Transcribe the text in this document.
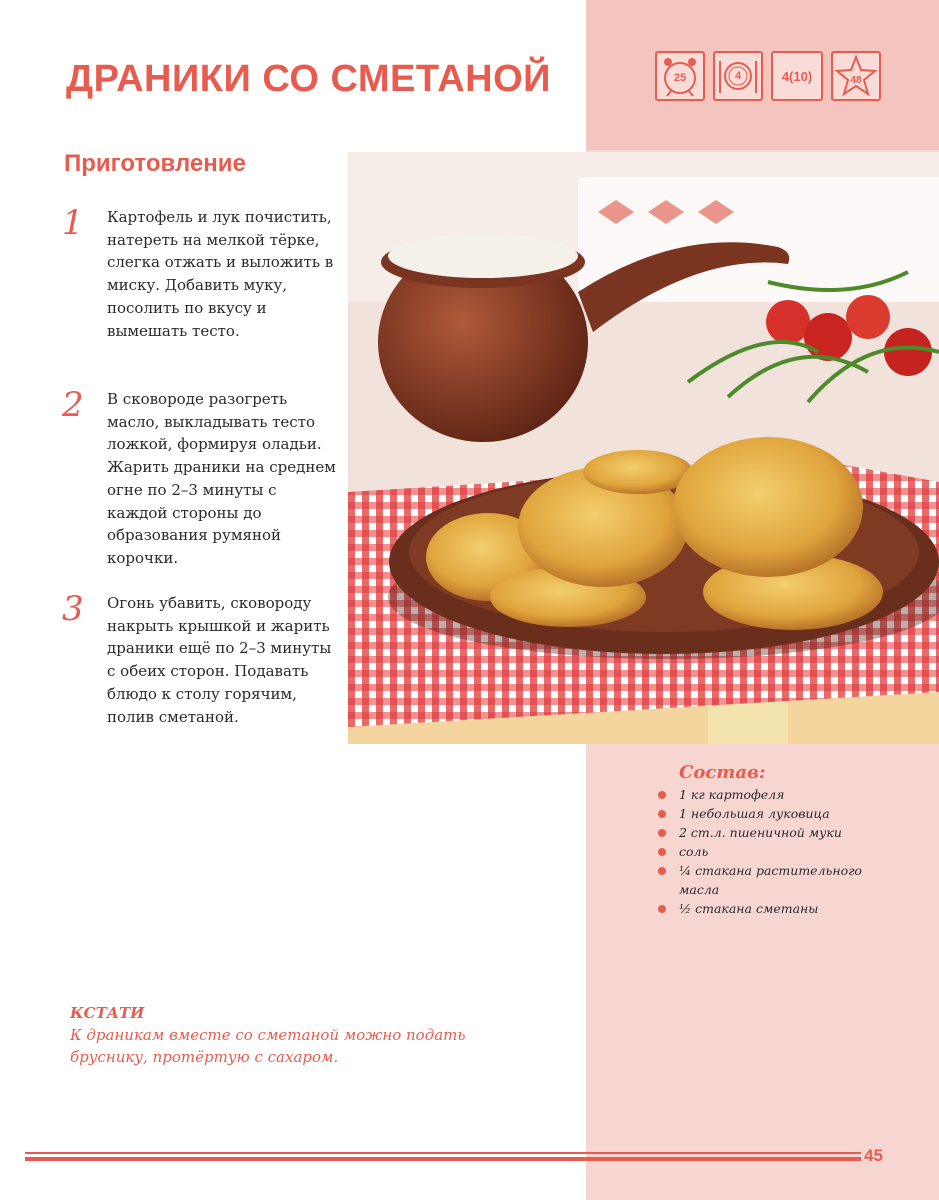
ДРАНИКИ СО СМЕТАНОЙ	25	4	4(10)	48
Приготовление
1	Картофель и лук почистить, натереть на мелкой тёрке, слегка отжать и выложить в миску. Добавить муку, посолить по вкусу и вымешать тесто.

2	В сковороде разогреть масло, выкладывать тесто ложкой, формируя оладьи. Жарить драники на среднем огне по 2–3 минуты с каждой стороны до образования румяной корочки.

3	Огонь убавить, сковороду накрыть крышкой и жарить драники ещё по 2–3 минуты с обеих сторон. Подавать блюдо к столу горячим, полив сметаной.

Состав:

1 кг картофеля
1 небольшая луковица
2 ст.л. пшеничной муки
соль
¼ стакана растительного масла
½ стакана сметаны

КСТАТИ

К драникам вместе со сметаной можно подать бруснику, протёртую с сахаром.

45
